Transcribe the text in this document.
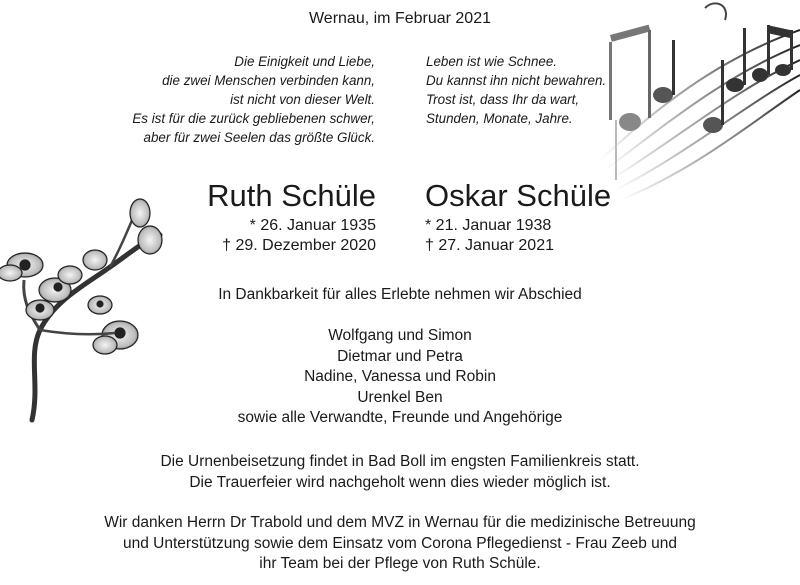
Wernau, im Februar 2021
Die Einigkeit und Liebe,
die zwei Menschen verbinden kann,
ist nicht von dieser Welt.
Es ist für die zurück gebliebenen schwer,
aber für zwei Seelen das größte Glück.
Leben ist wie Schnee.
Du kannst ihn nicht bewahren.
Trost ist, dass Ihr da wart,
Stunden, Monate, Jahre.
Ruth Schüle
* 26. Januar 1935
† 29. Dezember 2020
Oskar Schüle
* 21. Januar 1938
† 27. Januar 2021
In Dankbarkeit für alles Erlebte nehmen wir Abschied
Wolfgang und Simon
Dietmar und Petra
Nadine, Vanessa und Robin
Urenkel Ben
sowie alle Verwandte, Freunde und Angehörige
Die Urnenbeisetzung findet in Bad Boll im engsten Familienkreis statt.
Die Trauerfeier wird nachgeholt wenn dies wieder möglich ist.
Wir danken Herrn Dr Trabold und dem MVZ in Wernau für die medizinische Betreuung
und Unterstützung sowie dem Einsatz vom Corona Pflegedienst - Frau Zeeb und
ihr Team bei der Pflege von Ruth Schüle.
